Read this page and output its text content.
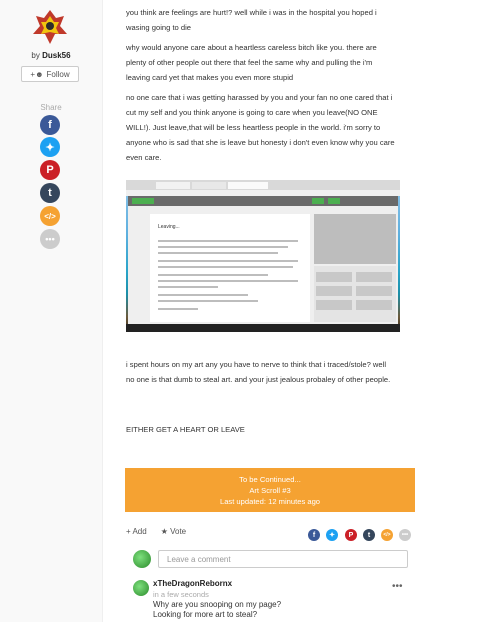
by Dusk56
+☻ Follow
Share
f
✦
P
t
</>
•••

you think are feelings are hurt!? well while i was in the hospital you hoped i wasing going to die

why would anyone care about a heartless careless bitch like you. there are plenty of other people out there that feel the same why and pulling the i'm leaving card yet that makes you even more stupid

no one care that i was getting harassed by you and your fan no one cared that i cut my self and you think anyone is going to care when you leave(NO ONE WILL!). Just leave,that will be less heartless people in the world. i'm sorry to anyone who is sad that she is leave but honesty i don't even know why you care even care.

Leaving...

i spent hours on my art any you have to nerve to think that i traced/stole? well no one is that dumb to steal art. and your just jealous probaley of other people.

EITHER GET A HEART OR LEAVE

To be Continued...
Art Scroll #3
Last updated: 12 minutes ago
+ Add ★ Vote	f	✦	P	t	</>	•••
Leave a comment
xTheDragonRebornx
in a few seconds
Why are you snooping on my page?
Looking for more art to steal?
•••
